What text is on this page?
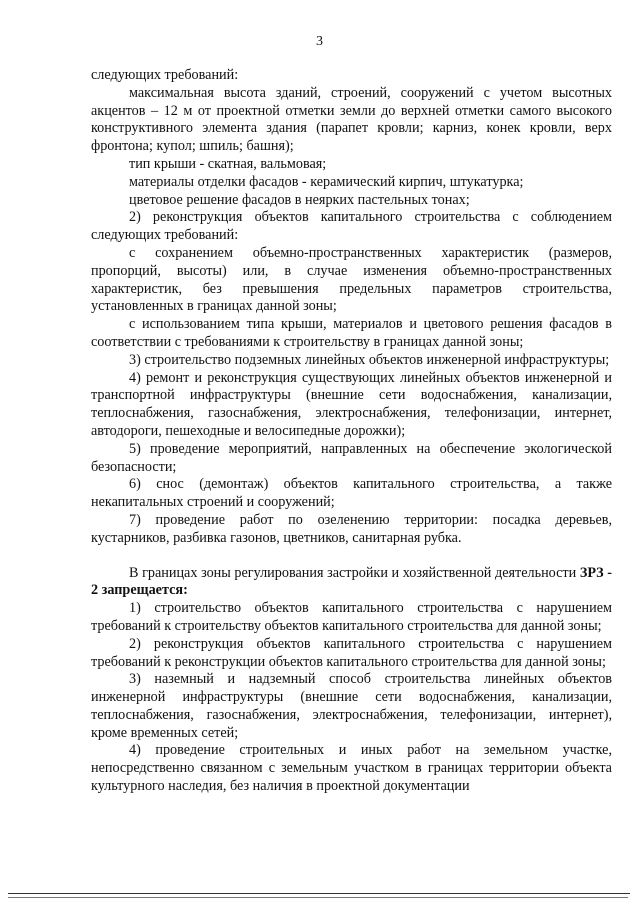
3

следующих требований:

максимальная высота зданий, строений, сооружений с учетом высотных акцентов – 12 м от проектной отметки земли до верхней отметки самого высокого конструктивного элемента здания (парапет кровли; карниз, конек кровли, верх фронтона; купол; шпиль; башня);

тип крыши - скатная, вальмовая;

материалы отделки фасадов - керамический кирпич, штукатурка;

цветовое решение фасадов в неярких пастельных тонах;

2) реконструкция объектов капитального строительства с соблюдением следующих требований:

с сохранением объемно-пространственных характеристик (размеров, пропорций, высоты) или, в случае изменения объемно-пространственных характеристик, без превышения предельных параметров строительства, установленных в границах данной зоны;

с использованием типа крыши, материалов и цветового решения фасадов в соответствии с требованиями к строительству в границах данной зоны;

3) строительство подземных линейных объектов инженерной инфраструктуры;

4) ремонт и реконструкция существующих линейных объектов инженерной и транспортной инфраструктуры (внешние сети водоснабжения, канализации, теплоснабжения, газоснабжения, электроснабжения, телефонизации, интернет, автодороги, пешеходные и велосипедные дорожки);

5) проведение мероприятий, направленных на обеспечение экологической безопасности;

6) снос (демонтаж) объектов капитального строительства, а также некапитальных строений и сооружений;

7) проведение работ по озеленению территории: посадка деревьев, кустарников, разбивка газонов, цветников, санитарная рубка.

В границах зоны регулирования застройки и хозяйственной деятельности ЗРЗ - 2 запрещается:

1) строительство объектов капитального строительства с нарушением требований к строительству объектов капитального строительства для данной зоны;

2) реконструкция объектов капитального строительства с нарушением требований к реконструкции объектов капитального строительства для данной зоны;

3) наземный и надземный способ строительства линейных объектов инженерной инфраструктуры (внешние сети водоснабжения, канализации, теплоснабжения, газоснабжения, электроснабжения, телефонизации, интернет), кроме временных сетей;

4) проведение строительных и иных работ на земельном участке, непосредственно связанном с земельным участком в границах территории объекта культурного наследия, без наличия в проектной документации
